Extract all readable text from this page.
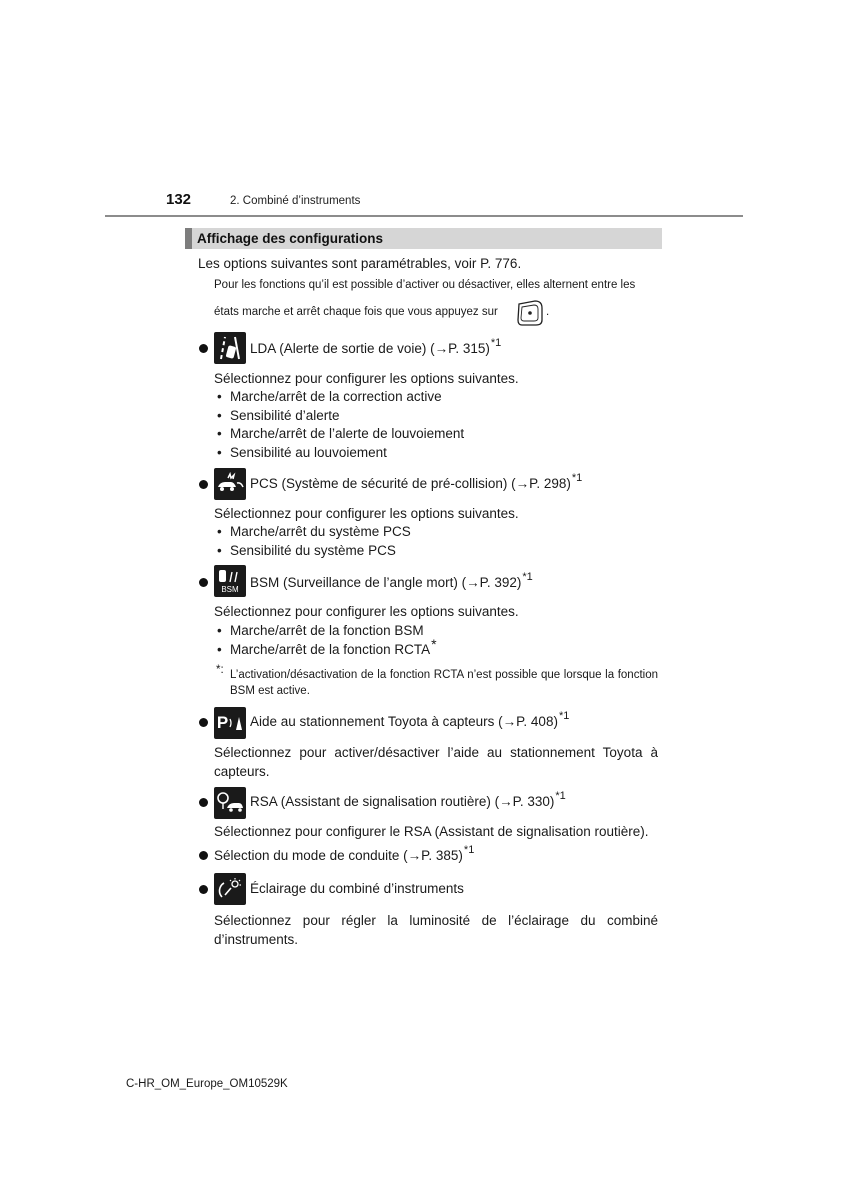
132	2. Combiné d’instruments
Affichage des configurations
Les options suivantes sont paramétrables, voir P. 776.
Pour les fonctions qu’il est possible d’activer ou désactiver, elles alternent entre les
états marche et arrêt chaque fois que vous appuyez sur	.
LDA (Alerte de sortie de voie) (→P. 315)$^{*1}$
Sélectionnez pour configurer les options suivantes.
• Marche/arrêt de la correction active
• Sensibilité d’alerte
• Marche/arrêt de l’alerte de louvoiement
• Sensibilité au louvoiement
PCS (Système de sécurité de pré-collision) (→P. 298)$^{*1}$
Sélectionnez pour configurer les options suivantes.
• Marche/arrêt du système PCS
• Sensibilité du système PCS
BSM BSM (Surveillance de l’angle mort) (→P. 392)$^{*1}$
Sélectionnez pour configurer les options suivantes.
• Marche/arrêt de la fonction BSM
• Marche/arrêt de la fonction RCTA*
*: L’activation/désactivation de la fonction RCTA n’est possible que lorsque la fonction BSM est active.
P Aide au stationnement Toyota à capteurs (→P. 408)$^{*1}$
Sélectionnez pour activer/désactiver l’aide au stationnement Toyota à capteurs.
RSA (Assistant de signalisation routière) (→P. 330)$^{*1}$
Sélectionnez pour configurer le RSA (Assistant de signalisation routière).
Sélection du mode de conduite (→P. 385)$^{*1}$
Éclairage du combiné d’instruments
Sélectionnez pour régler la luminosité de l’éclairage du combiné d’instruments.
C-HR_OM_Europe_OM10529K
